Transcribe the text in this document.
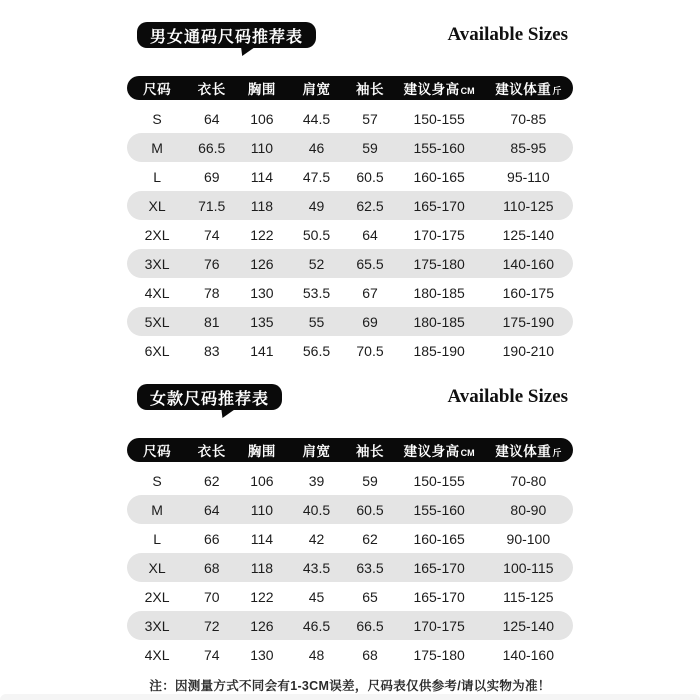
男女通码尺码推荐表	Available Sizes
尺码	衣长	胸围	肩宽	袖长	建议身高CM	建议体重斤
S	64	106	44.5	57	150-155	70-85
M	66.5	110	46	59	155-160	85-95
L	69	114	47.5	60.5	160-165	95-110
XL	71.5	118	49	62.5	165-170	110-125
2XL	74	122	50.5	64	170-175	125-140
3XL	76	126	52	65.5	175-180	140-160
4XL	78	130	53.5	67	180-185	160-175
5XL	81	135	55	69	180-185	175-190
6XL	83	141	56.5	70.5	185-190	190-210
女款尺码推荐表	Available Sizes
尺码	衣长	胸围	肩宽	袖长	建议身高CM	建议体重斤
S	62	106	39	59	150-155	70-80
M	64	110	40.5	60.5	155-160	80-90
L	66	114	42	62	160-165	90-100
XL	68	118	43.5	63.5	165-170	100-115
2XL	70	122	45	65	165-170	115-125
3XL	72	126	46.5	66.5	170-175	125-140
4XL	74	130	48	68	175-180	140-160
注：因测量方式不同会有1-3CM误差，尺码表仅供参考/请以实物为准！
